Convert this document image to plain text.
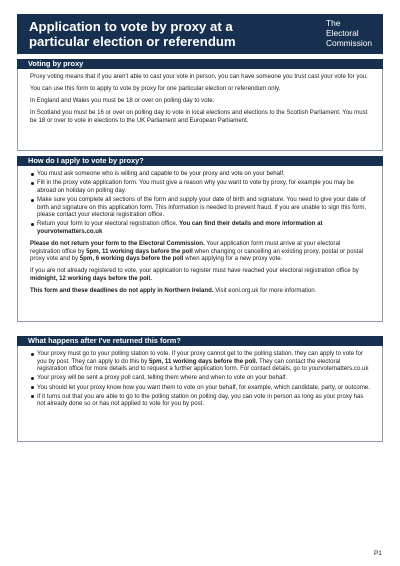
Application to vote by proxy at a
particular election or referendum
The
Electoral
Commission
Voting by proxy

Proxy voting means that if you aren't able to cast your vote in person, you can have someone you trust cast your vote for you.

You can use this form to apply to vote by proxy for one particular election or referendum only.

In England and Wales you must be 18 or over on polling day to vote.

In Scotland you must be 16 or over on polling day to vote in local elections and elections to the Scottish Parliament. You must be 18 or over to vote in elections to the UK Parliament and European Parliament.

How do I apply to vote by proxy?
You must ask someone who is willing and capable to be your proxy and vote on your behalf.
Fill in the proxy vote application form. You must give a reason why you want to vote by proxy, for example you may be abroad on holiday on polling day.
Make sure you complete all sections of the form and supply your date of birth and signature. You need to give your date of birth and signature on this application form. This information is needed to prevent fraud. If you are unable to sign this form, please contact your electoral registration office.
Return your form to your electoral registration office. You can find their details and more information at yourvotematters.co.uk

Please do not return your form to the Electoral Commission. Your application form must arrive at your electoral registration office by 5pm, 11 working days before the poll when changing or cancelling an existing proxy, postal or postal proxy vote and by 5pm, 6 working days before the poll when applying for a new proxy vote.

If you are not already registered to vote, your application to register must have reached your electoral registration office by midnight, 12 working days before the poll.

This form and these deadlines do not apply in Northern Ireland. Visit eoni.org.uk for more information.

What happens after I've returned this form?
Your proxy must go to your polling station to vote. If your proxy cannot get to the polling station, they can apply to vote for you by post. They can apply to do this by 5pm, 11 working days before the poll. They can contact the electoral registration office for more details and to request a further application form. For contact details, go to yourvotematters.co.uk
Your proxy will be sent a proxy poll card, telling them where and when to vote on your behalf.
You should let your proxy know how you want them to vote on your behalf, for example, which candidate, party, or outcome.
If it turns out that you are able to go to the polling station on polling day, you can vote in person as long as your proxy has not already done so or has not applied to vote for you by post.
P1
